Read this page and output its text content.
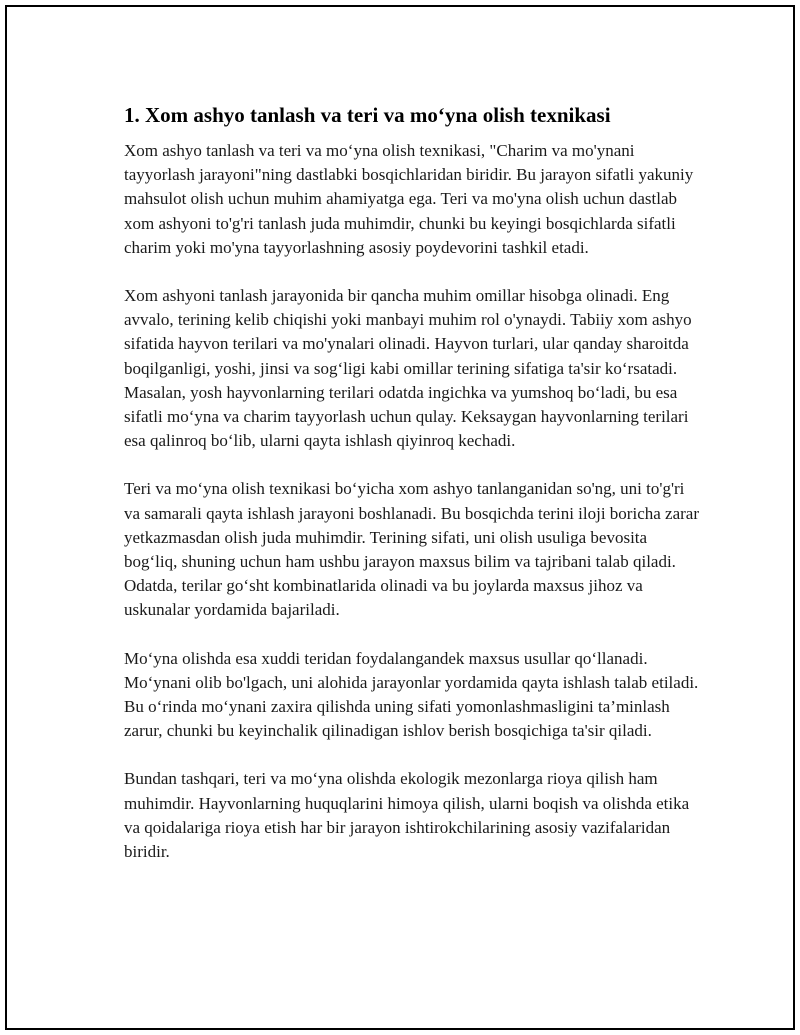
1. Xom ashyo tanlash va teri va mo‘yna olish texnikasi

Xom ashyo tanlash va teri va mo‘yna olish texnikasi, "Charim va mo'ynani tayyorlash jarayoni"ning dastlabki bosqichlaridan biridir. Bu jarayon sifatli yakuniy mahsulot olish uchun muhim ahamiyatga ega. Teri va mo'yna olish uchun dastlab xom ashyoni to'g'ri tanlash juda muhimdir, chunki bu keyingi bosqichlarda sifatli charim yoki mo'yna tayyorlashning asosiy poydevorini tashkil etadi.

Xom ashyoni tanlash jarayonida bir qancha muhim omillar hisobga olinadi. Eng avvalo, terining kelib chiqishi yoki manbayi muhim rol o'ynaydi. Tabiiy xom ashyo sifatida hayvon terilari va mo'ynalari olinadi. Hayvon turlari, ular qanday sharoitda boqilganligi, yoshi, jinsi va sog‘ligi kabi omillar terining sifatiga ta'sir ko‘rsatadi. Masalan, yosh hayvonlarning terilari odatda ingichka va yumshoq bo‘ladi, bu esa sifatli mo‘yna va charim tayyorlash uchun qulay. Keksaygan hayvonlarning terilari esa qalinroq bo‘lib, ularni qayta ishlash qiyinroq kechadi.

Teri va mo‘yna olish texnikasi bo‘yicha xom ashyo tanlanganidan so'ng, uni to'g'ri va samarali qayta ishlash jarayoni boshlanadi. Bu bosqichda terini iloji boricha zarar yetkazmasdan olish juda muhimdir. Terining sifati, uni olish usuliga bevosita bog‘liq, shuning uchun ham ushbu jarayon maxsus bilim va tajribani talab qiladi. Odatda, terilar go‘sht kombinatlarida olinadi va bu joylarda maxsus jihoz va uskunalar yordamida bajariladi.

Mo‘yna olishda esa xuddi teridan foydalangandek maxsus usullar qo‘llanadi. Mo‘ynani olib bo'lgach, uni alohida jarayonlar yordamida qayta ishlash talab etiladi. Bu o‘rinda mo‘ynani zaxira qilishda uning sifati yomonlashmasligini ta’minlash zarur, chunki bu keyinchalik qilinadigan ishlov berish bosqichiga ta'sir qiladi.

Bundan tashqari, teri va mo‘yna olishda ekologik mezonlarga rioya qilish ham muhimdir. Hayvonlarning huquqlarini himoya qilish, ularni boqish va olishda etika va qoidalariga rioya etish har bir jarayon ishtirokchilarining asosiy vazifalaridan biridir.
